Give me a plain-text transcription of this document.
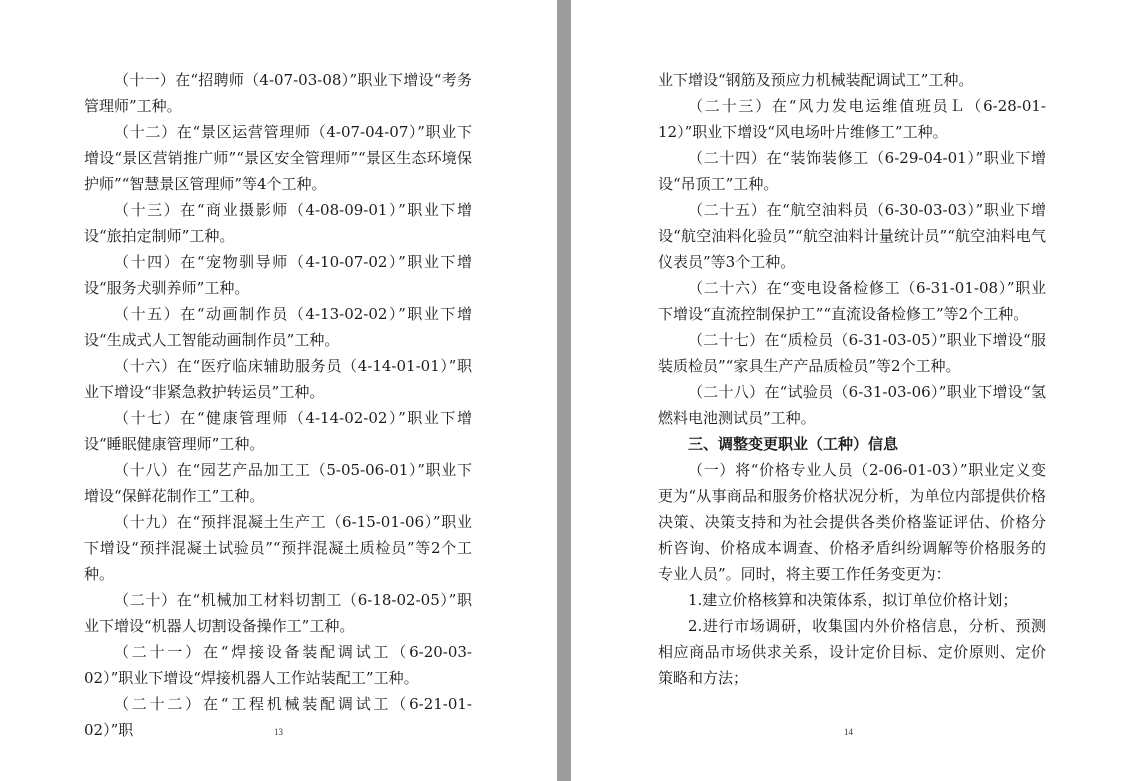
（十一）在“招聘师（4-07-03-08）”职业下增设“考务管理师”工种。

（十二）在“景区运营管理师（4-07-04-07）”职业下增设“景区营销推广师”“景区安全管理师”“景区生态环境保护师”“智慧景区管理师”等4个工种。

（十三）在“商业摄影师（4-08-09-01）”职业下增设“旅拍定制师”工种。

（十四）在“宠物驯导师（4-10-07-02）”职业下增设“服务犬驯养师”工种。

（十五）在“动画制作员（4-13-02-02）”职业下增设“生成式人工智能动画制作员”工种。

（十六）在“医疗临床辅助服务员（4-14-01-01）”职业下增设“非紧急救护转运员”工种。

（十七）在“健康管理师（4-14-02-02）”职业下增设“睡眠健康管理师”工种。

（十八）在“园艺产品加工工（5-05-06-01）”职业下增设“保鲜花制作工”工种。

（十九）在“预拌混凝土生产工（6-15-01-06）”职业下增设“预拌混凝土试验员”“预拌混凝土质检员”等2个工种。

（二十）在“机械加工材料切割工（6-18-02-05）”职业下增设“机器人切割设备操作工”工种。

（二十一）在“焊接设备装配调试工（6-20-03-02）”职业下增设“焊接机器人工作站装配工”工种。

（二十二）在“工程机械装配调试工（6-21-01-02）”职	13

业下增设“钢筋及预应力机械装配调试工”工种。

（二十三）在“风力发电运维值班员Ｌ（6-28-01-12）”职业下增设“风电场叶片维修工”工种。

（二十四）在“装饰装修工（6-29-04-01）”职业下增设“吊顶工”工种。

（二十五）在“航空油料员（6-30-03-03）”职业下增设“航空油料化验员”“航空油料计量统计员”“航空油料电气仪表员”等3个工种。

（二十六）在“变电设备检修工（6-31-01-08）”职业下增设“直流控制保护工”“直流设备检修工”等2个工种。

（二十七）在“质检员（6-31-03-05）”职业下增设“服装质检员”“家具生产产品质检员”等2个工种。

（二十八）在“试验员（6-31-03-06）”职业下增设“氢燃料电池测试员”工种。

三、调整变更职业（工种）信息

（一）将“价格专业人员（2-06-01-03）”职业定义变更为“从事商品和服务价格状况分析，为单位内部提供价格决策、决策支持和为社会提供各类价格鉴证评估、价格分析咨询、价格成本调查、价格矛盾纠纷调解等价格服务的专业人员”。同时，将主要工作任务变更为：

1.建立价格核算和决策体系，拟订单位价格计划；

2.进行市场调研，收集国内外价格信息，分析、预测相应商品市场供求关系，设计定价目标、定价原则、定价策略和方法；

14
